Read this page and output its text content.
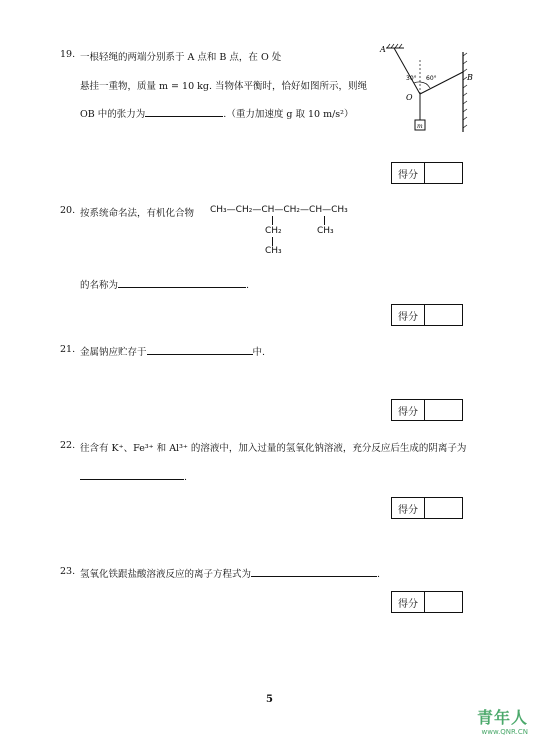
19. 一根轻绳的两端分别系于 A 点和 B 点，在 O 处
悬挂一重物，质量 m = 10 kg. 当物体平衡时，恰好如图所示，则绳
OB 中的张力为	.（重力加速度 g 取 10 m/s²）
A
B
O
m
30° 60°
得分
20. 按系统命名法，有机化合物 CH₃—CH₂—CH—CH₂—CH—CH₃
CH₂
CH₃
CH₃
的名称为	.
得分
21. 金属钠应贮存于	中.
得分
22. 往含有 K⁺、Fe³⁺ 和 Al³⁺ 的溶液中，加入过量的氢氧化钠溶液，充分反应后生成的阴离子为
.
得分
23. 氢氧化铁跟盐酸溶液反应的离子方程式为	.
得分
5
青年人
www.QNR.CN
